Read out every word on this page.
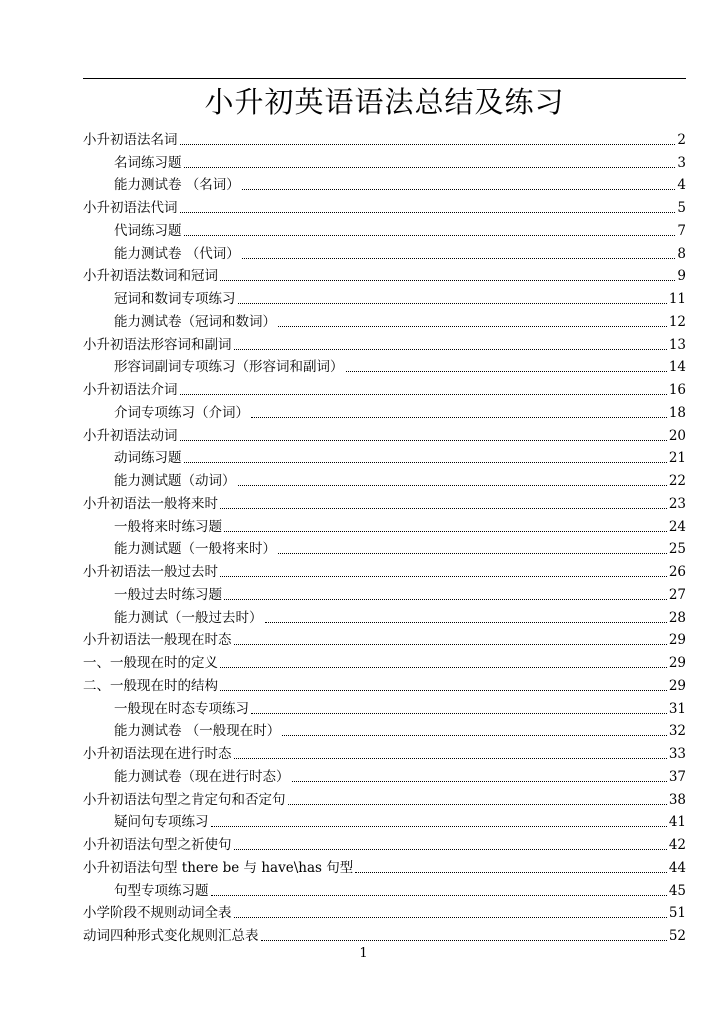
小升初英语语法总结及练习
小升初语法名词	2
名词练习题	3
能力测试卷 （名词）	4
小升初语法代词	5
代词练习题	7
能力测试卷 （代词）	8
小升初语法数词和冠词	9
冠词和数词专项练习	11
能力测试卷（冠词和数词）	12
小升初语法形容词和副词	13
形容词副词专项练习（形容词和副词）	14
小升初语法介词	16
介词专项练习（介词）	18
小升初语法动词	20
动词练习题	21
能力测试题（动词）	22
小升初语法一般将来时	23
一般将来时练习题	24
能力测试题（一般将来时）	25
小升初语法一般过去时	26
一般过去时练习题	27
能力测试（一般过去时）	28
小升初语法一般现在时态	29
一、一般现在时的定义	29
二、一般现在时的结构	29
一般现在时态专项练习	31
能力测试卷 （一般现在时）	32
小升初语法现在进行时态	33
能力测试卷（现在进行时态）	37
小升初语法句型之肯定句和否定句	38
疑问句专项练习	41
小升初语法句型之祈使句	42
小升初语法句型 there be 与 have\has 句型	44
句型专项练习题	45
小学阶段不规则动词全表	51
动词四种形式变化规则汇总表	52
1
